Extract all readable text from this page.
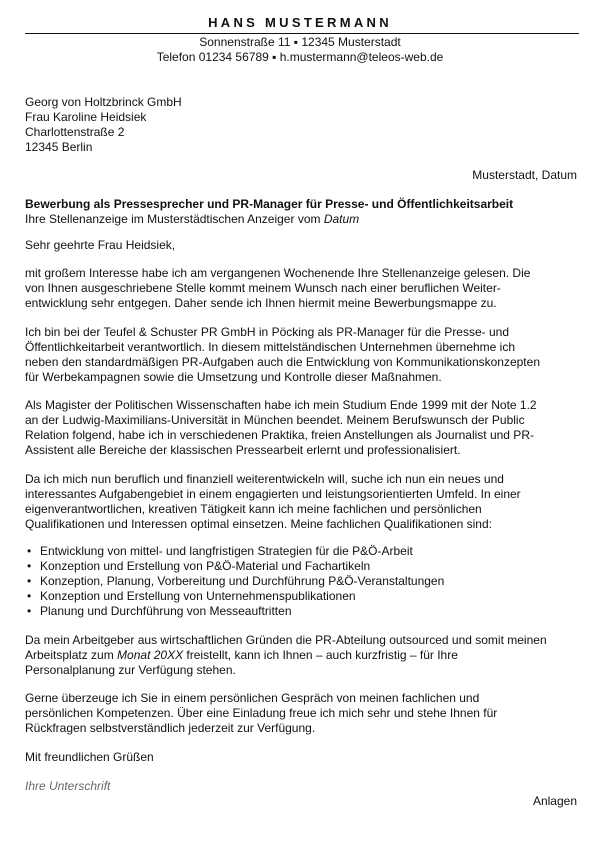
HANS MUSTERMANN
Sonnenstraße 11 ▪ 12345 Musterstadt
Telefon 01234 56789 ▪ h.mustermann@teleos-web.de
Georg von Holtzbrinck GmbH
Frau Karoline Heidsiek
Charlottenstraße 2
12345 Berlin
Musterstadt, Datum
Bewerbung als Pressesprecher und PR-Manager für Presse- und Öffentlichkeitsarbeit
Ihre Stellenanzeige im Musterstädtischen Anzeiger vom Datum
Sehr geehrte Frau Heidsiek,
mit großem Interesse habe ich am vergangenen Wochenende Ihre Stellenanzeige gelesen. Die
von Ihnen ausgeschriebene Stelle kommt meinem Wunsch nach einer beruflichen Weiter-
entwicklung sehr entgegen. Daher sende ich Ihnen hiermit meine Bewerbungsmappe zu.
Ich bin bei der Teufel & Schuster PR GmbH in Pöcking als PR-Manager für die Presse- und
Öffentlichkeitarbeit verantwortlich. In diesem mittelständischen Unternehmen übernehme ich
neben den standardmäßigen PR-Aufgaben auch die Entwicklung von Kommunikationskonzepten
für Werbekampagnen sowie die Umsetzung und Kontrolle dieser Maßnahmen.
Als Magister der Politischen Wissenschaften habe ich mein Studium Ende 1999 mit der Note 1.2
an der Ludwig-Maximilians-Universität in München beendet. Meinem Berufswunsch der Public
Relation folgend, habe ich in verschiedenen Praktika, freien Anstellungen als Journalist und PR-
Assistent alle Bereiche der klassischen Pressearbeit erlernt und professionalisiert.
Da ich mich nun beruflich und finanziell weiterentwickeln will, suche ich nun ein neues und
interessantes Aufgabengebiet in einem engagierten und leistungsorientierten Umfeld. In einer
eigenverantwortlichen, kreativen Tätigkeit kann ich meine fachlichen und persönlichen
Qualifikationen und Interessen optimal einsetzen. Meine fachlichen Qualifikationen sind:
• Entwicklung von mittel- und langfristigen Strategien für die P&Ö-Arbeit
• Konzeption und Erstellung von P&Ö-Material und Fachartikeln
• Konzeption, Planung, Vorbereitung und Durchführung P&Ö-Veranstaltungen
• Konzeption und Erstellung von Unternehmenspublikationen
• Planung und Durchführung von Messeauftritten
Da mein Arbeitgeber aus wirtschaftlichen Gründen die PR-Abteilung outsourced und somit meinen
Arbeitsplatz zum Monat 20XX freistellt, kann ich Ihnen – auch kurzfristig – für Ihre
Personalplanung zur Verfügung stehen.
Gerne überzeuge ich Sie in einem persönlichen Gespräch von meinen fachlichen und
persönlichen Kompetenzen. Über eine Einladung freue ich mich sehr und stehe Ihnen für
Rückfragen selbstverständlich jederzeit zur Verfügung.
Mit freundlichen Grüßen
Ihre Unterschrift
Anlagen
